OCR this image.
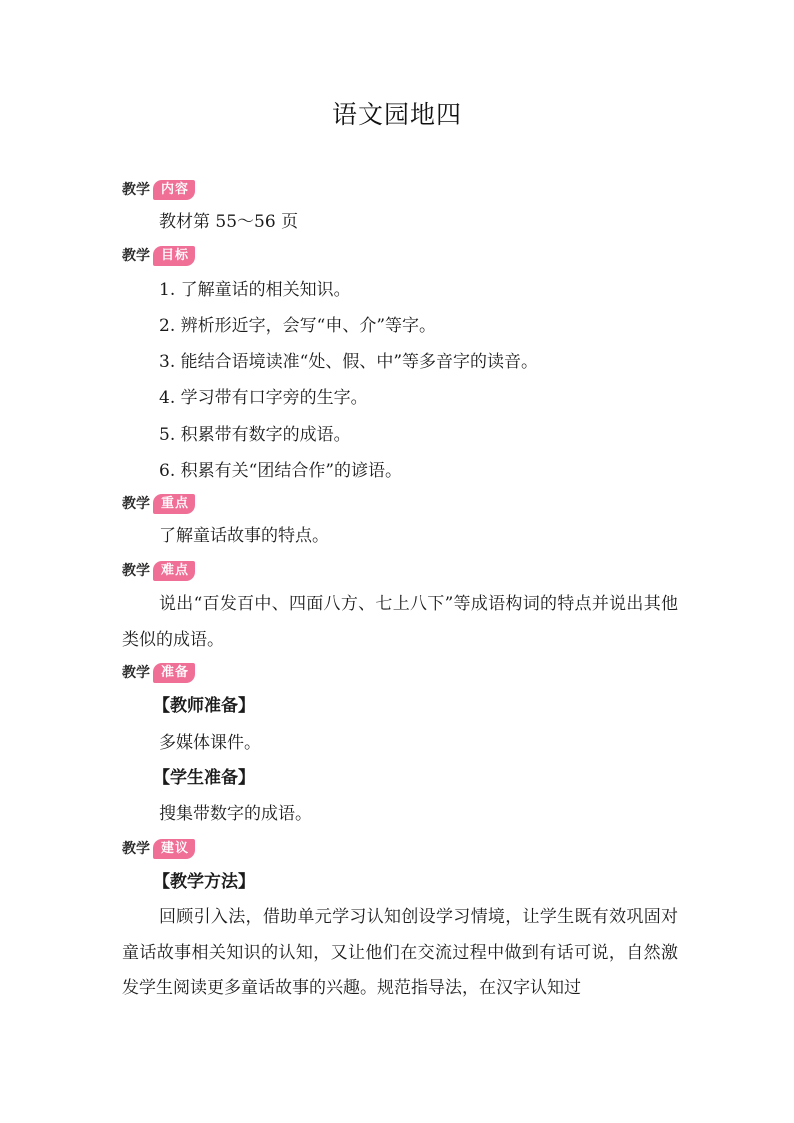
语文园地四
教学 内容
教材第 55～56 页
教学 目标
1. 了解童话的相关知识。
2. 辨析形近字，会写“申、介”等字。
3. 能结合语境读准“处、假、中”等多音字的读音。
4. 学习带有口字旁的生字。
5. 积累带有数字的成语。
6. 积累有关“团结合作”的谚语。
教学 重点
了解童话故事的特点。
教学 难点
说出“百发百中、四面八方、七上八下”等成语构词的特点并说出其他类似的成语。
教学 准备
【教师准备】
多媒体课件。
【学生准备】
搜集带数字的成语。
教学 建议
【教学方法】
回顾引入法，借助单元学习认知创设学习情境，让学生既有效巩固对童话故事相关知识的认知，又让他们在交流过程中做到有话可说，自然激发学生阅读更多童话故事的兴趣。规范指导法，在汉字认知过
